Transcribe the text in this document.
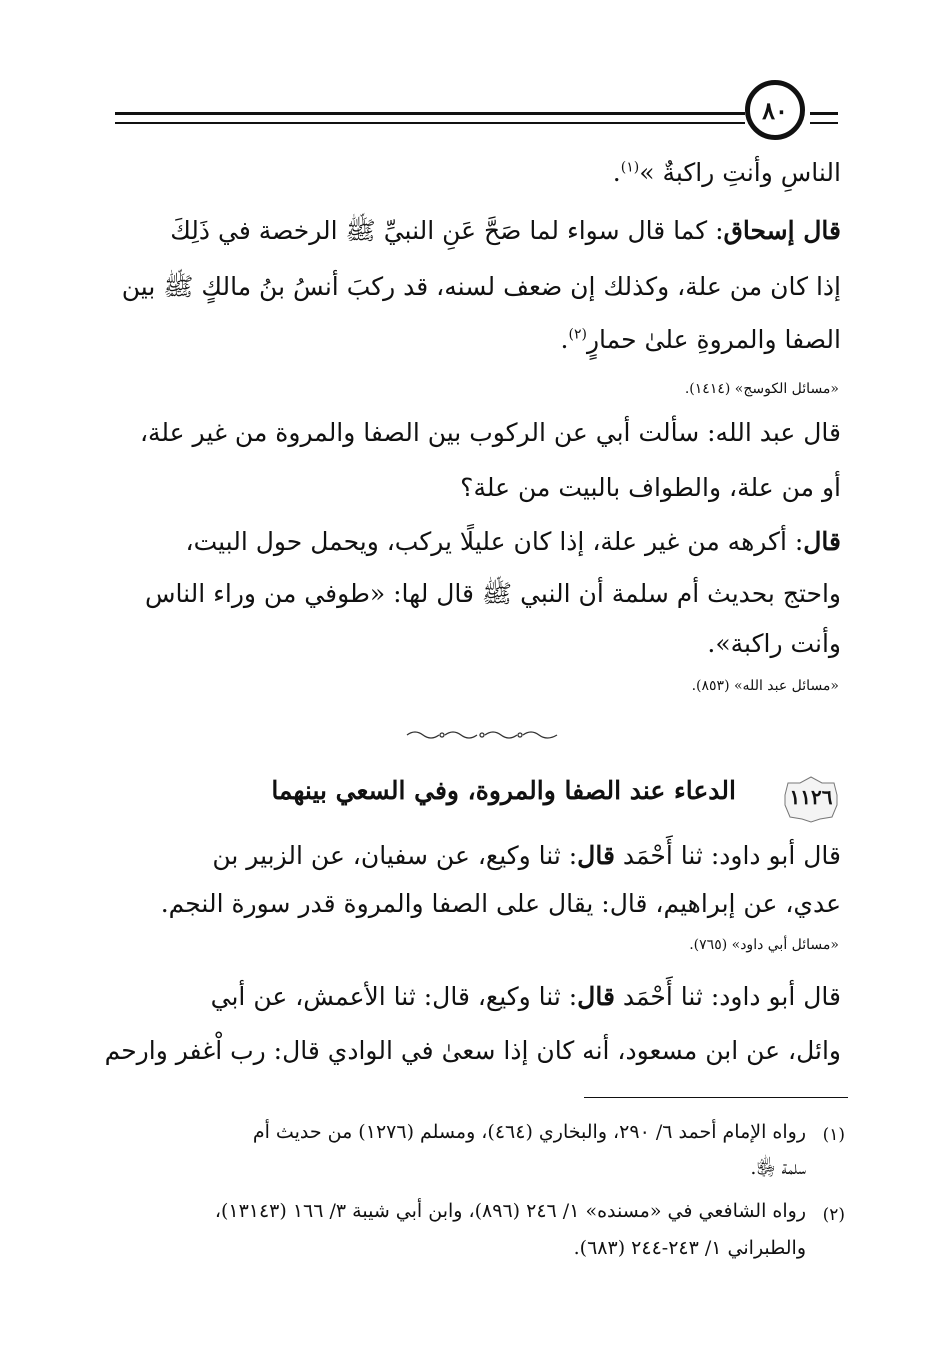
٨٠
الناسِ وأنتِ راكبةٌ »$^{(١)}$.
قال إسحاق: كما قال سواء لما صَحَّ عَنِ النبيِّ ﷺ الرخصة في ذَلِكَ
إذا كان من علة، وكذلك إن ضعف لسنه، قد ركبَ أنسُ بنُ مالكٍ ﷺ بين
الصفا والمروةِ علىٰ حمارٍ$^{(٢)}$.
«مسائل الكوسج» (١٤١٤).
قال عبد الله: سألت أبي عن الركوب بين الصفا والمروة من غير علة،
أو من علة، والطواف بالبيت من علة؟
قال: أكرهه من غير علة، إذا كان عليلًا يركب، ويحمل حول البيت،
واحتج بحديث أم سلمة أن النبي ﷺ قال لها: «طوفي من وراء الناس
وأنت راكبة».
«مسائل عبد الله» (٨٥٣).
١١٢٦
الدعاء عند الصفا والمروة، وفي السعي بينهما
قال أبو داود: ثنا أَحْمَد قال: ثنا وكيع، عن سفيان، عن الزبير بن
عدي، عن إبراهيم، قال: يقال على الصفا والمروة قدر سورة النجم.
«مسائل أبي داود» (٧٦٥).
قال أبو داود: ثنا أَحْمَد قال: ثنا وكيع، قال: ثنا الأعمش، عن أبي
وائل، عن ابن مسعود، أنه كان إذا سعىٰ في الوادي قال: رب اْغفر وارحم
(١)
رواه الإمام أحمد ٦/ ٢٩٠، والبخاري (٤٦٤)، ومسلم (١٢٧٦) من حديث أم
سلمة ﵂.
(٢)
رواه الشافعي في «مسنده» ١/ ٢٤٦ (٨٩٦)، وابن أبي شيبة ٣/ ١٦٦ (١٣١٤٣)،
والطبراني ١/ ٢٤٣-٢٤٤ (٦٨٣).
